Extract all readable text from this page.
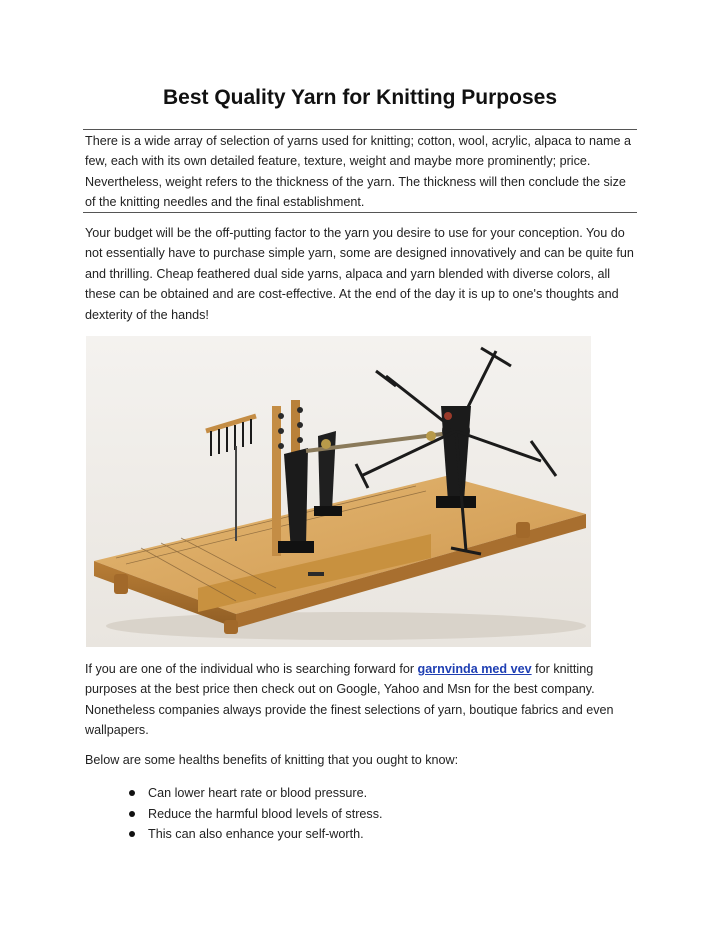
Best Quality Yarn for Knitting Purposes

There is a wide array of selection of yarns used for knitting; cotton, wool, acrylic, alpaca to name a few, each with its own detailed feature, texture, weight and maybe more prominently; price. Nevertheless, weight refers to the thickness of the yarn. The thickness will then conclude the size of the knitting needles and the final establishment.

Your budget will be the off-putting factor to the yarn you desire to use for your conception. You do not essentially have to purchase simple yarn, some are designed innovatively and can be quite fun and thrilling. Cheap feathered dual side yarns, alpaca and yarn blended with diverse colors, all these can be obtained and are cost-effective. At the end of the day it is up to one's thoughts and dexterity of the hands!

If you are one of the individual who is searching forward for garnvinda med vev for knitting purposes at the best price then check out on Google, Yahoo and Msn for the best company. Nonetheless companies always provide the finest selections of yarn, boutique fabrics and even wallpapers.

Below are some healths benefits of knitting that you ought to know:

Can lower heart rate or blood pressure.
Reduce the harmful blood levels of stress.
This can also enhance your self-worth.
